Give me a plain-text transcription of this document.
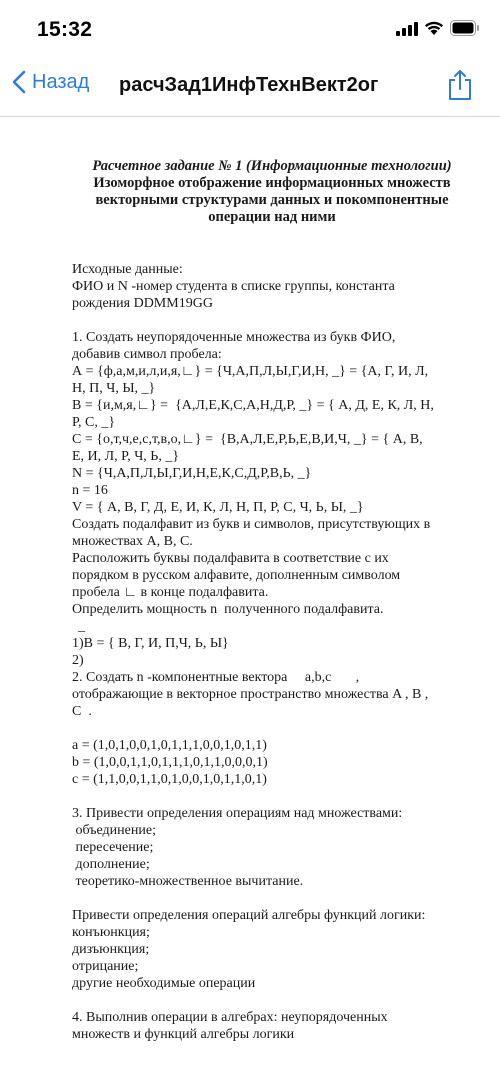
15:32
Назад расчЗад1ИнфТехнВект2ог
Расчетное задание № 1 (Информационные технологии)
Изоморфное отображение информационных множеств
векторными структурами данных и покомпонентные
операции над ними

Исходные данные:

ФИО и N -номер студента в списке группы, константа

рождения DDMM19GG

1. Создать неупорядоченные множества из букв ФИО,

добавив символ пробела:

А = {ф,а,м,и,л,и,я,∟} = {Ч,А,П,Л,Ы,Г,И,Н, _} = {А, Г, И, Л,

Н, П, Ч, Ы, _}

В = {и,м,я,∟} =  {А,Л,Е,К,С,А,Н,Д,Р, _} = { А, Д, Е, К, Л, Н,

Р, С, _}

С = {о,т,ч,е,с,т,в,о,∟} =  {В,А,Л,Е,Р,Ь,Е,В,И,Ч, _} = { А, В,

Е, И, Л, Р, Ч, Ь, _}

N = {Ч,А,П,Л,Ы,Г,И,Н,Е,К,С,Д,Р,В,Ь, _}

n = 16

V = { А, В, Г, Д, Е, И, К, Л, Н, П, Р, С, Ч, Ь, Ы, _}

Создать подалфавит из букв и символов, присутствующих в

множествах А, В, С.

Расположить буквы подалфавита в соответствие с их

порядком в русском алфавите, дополненным символом

пробела ∟ в конце подалфавита.

Определить мощность n  полученного подалфавита.

_

1)В = { В, Г, И, П,Ч, Ь, Ы}

2)

2. Создать n -компонентные вектора     a,b,c       ,

отображающие в векторное пространство множества A , B ,

C  .

a = (1,0,1,0,0,1,0,1,1,1,0,0,1,0,1,1)

b = (1,0,0,1,1,0,1,1,1,0,1,1,0,0,0,1)

c = (1,1,0,0,1,1,0,1,0,0,1,0,1,1,0,1)

3. Привести определения операциям над множествами:

объединение;

пересечение;

дополнение;

теоретико-множественное вычитание.

Привести определения операций алгебры функций логики:

конъюнкция;

дизъюнкция;

отрицание;

другие необходимые операции

4. Выполнив операции в алгебрах: неупорядоченных

множеств и функций алгебры логики
